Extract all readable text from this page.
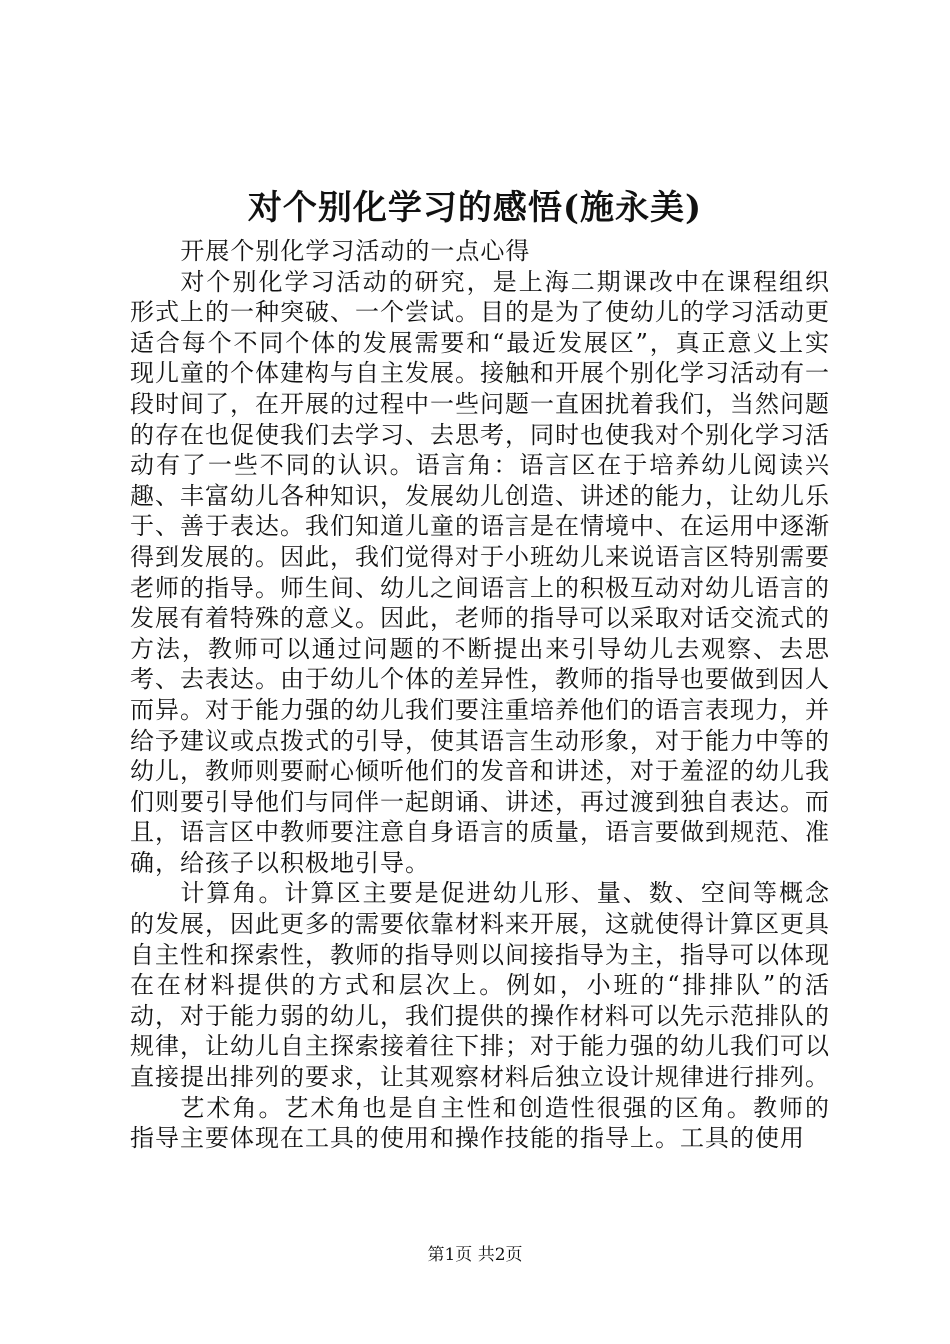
对个别化学习的感悟(施永美)

开展个别化学习活动的一点心得

对个别化学习活动的研究，是上海二期课改中在课程组织形式上的一种突破、一个尝试。目的是为了使幼儿的学习活动更适合每个不同个体的发展需要和“最近发展区”，真正意义上实现儿童的个体建构与自主发展。接触和开展个别化学习活动有一段时间了，在开展的过程中一些问题一直困扰着我们，当然问题的存在也促使我们去学习、去思考，同时也使我对个别化学习活动有了一些不同的认识。语言角：语言区在于培养幼儿阅读兴趣、丰富幼儿各种知识，发展幼儿创造、讲述的能力，让幼儿乐于、善于表达。我们知道儿童的语言是在情境中、在运用中逐渐得到发展的。因此，我们觉得对于小班幼儿来说语言区特别需要老师的指导。师生间、幼儿之间语言上的积极互动对幼儿语言的发展有着特殊的意义。因此，老师的指导可以采取对话交流式的方法，教师可以通过问题的不断提出来引导幼儿去观察、去思考、去表达。由于幼儿个体的差异性，教师的指导也要做到因人而异。对于能力强的幼儿我们要注重培养他们的语言表现力，并给予建议或点拨式的引导，使其语言生动形象，对于能力中等的幼儿，教师则要耐心倾听他们的发音和讲述，对于羞涩的幼儿我们则要引导他们与同伴一起朗诵、讲述，再过渡到独自表达。而且，语言区中教师要注意自身语言的质量，语言要做到规范、准确，给孩子以积极地引导。

计算角。计算区主要是促进幼儿形、量、数、空间等概念的发展，因此更多的需要依靠材料来开展，这就使得计算区更具自主性和探索性，教师的指导则以间接指导为主，指导可以体现在在材料提供的方式和层次上。例如，小班的“排排队”的活动，对于能力弱的幼儿，我们提供的操作材料可以先示范排队的规律，让幼儿自主探索接着往下排；对于能力强的幼儿我们可以直接提出排列的要求，让其观察材料后独立设计规律进行排列。

艺术角。艺术角也是自主性和创造性很强的区角。教师的指导主要体现在工具的使用和操作技能的指导上。工具的使用

第1页 共2页
